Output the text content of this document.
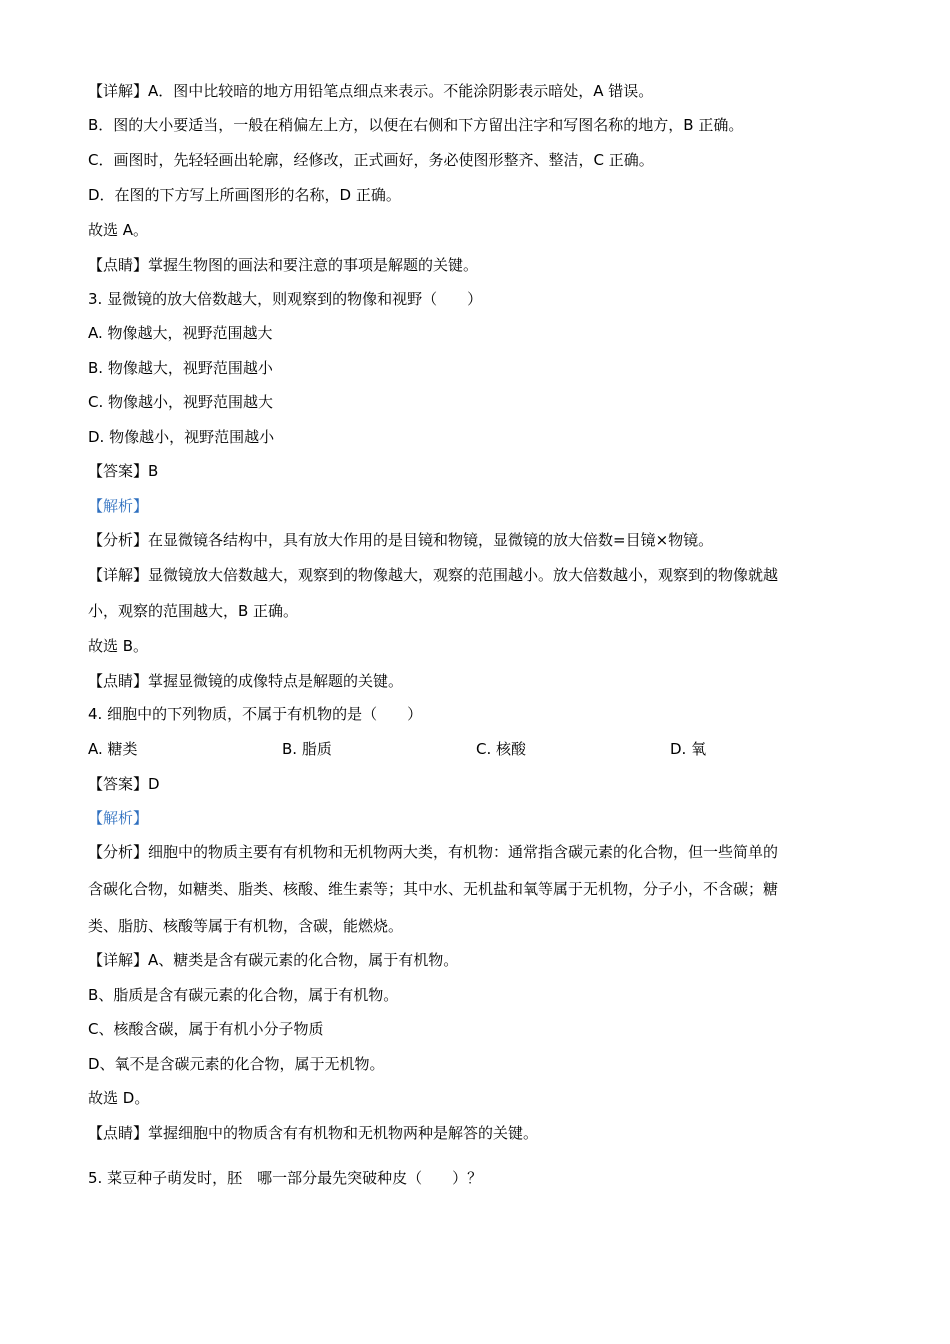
【详解】A．图中比较暗的地方用铅笔点细点来表示。不能涂阴影表示暗处，A 错误。
B．图的大小要适当，一般在稍偏左上方，以便在右侧和下方留出注字和写图名称的地方，B 正确。
C．画图时，先轻轻画出轮廓，经修改，正式画好，务必使图形整齐、整洁，C 正确。
D．在图的下方写上所画图形的名称，D 正确。
故选 A。
【点睛】掌握生物图的画法和要注意的事项是解题的关键。
3. 显微镜的放大倍数越大，则观察到的物像和视野（　　）
A. 物像越大，视野范围越大
B. 物像越大，视野范围越小
C. 物像越小，视野范围越大
D. 物像越小，视野范围越小
【答案】B
【解析】
【分析】在显微镜各结构中，具有放大作用的是目镜和物镜，显微镜的放大倍数=目镜×物镜。
【详解】显微镜放大倍数越大，观察到的物像越大，观察的范围越小。放大倍数越小，观察到的物像就越
小，观察的范围越大，B 正确。
故选 B。
【点睛】掌握显微镜的成像特点是解题的关键。
4. 细胞中的下列物质，不属于有机物的是（　　）
A. 糖类	B. 脂质	C. 核酸	D. 氧
【答案】D
【解析】
【分析】细胞中的物质主要有有机物和无机物两大类，有机物：通常指含碳元素的化合物，但一些简单的
含碳化合物，如糖类、脂类、核酸、维生素等；其中水、无机盐和氧等属于无机物，分子小，不含碳；糖
类、脂肪、核酸等属于有机物，含碳，能燃烧。
【详解】A、糖类是含有碳元素的化合物，属于有机物。
B、脂质是含有碳元素的化合物，属于有机物。
C、核酸含碳，属于有机小分子物质
D、氧不是含碳元素的化合物，属于无机物。
故选 D。
【点睛】掌握细胞中的物质含有有机物和无机物两种是解答的关键。
5. 菜豆种子萌发时，胚　哪一部分最先突破种皮（　　）？
